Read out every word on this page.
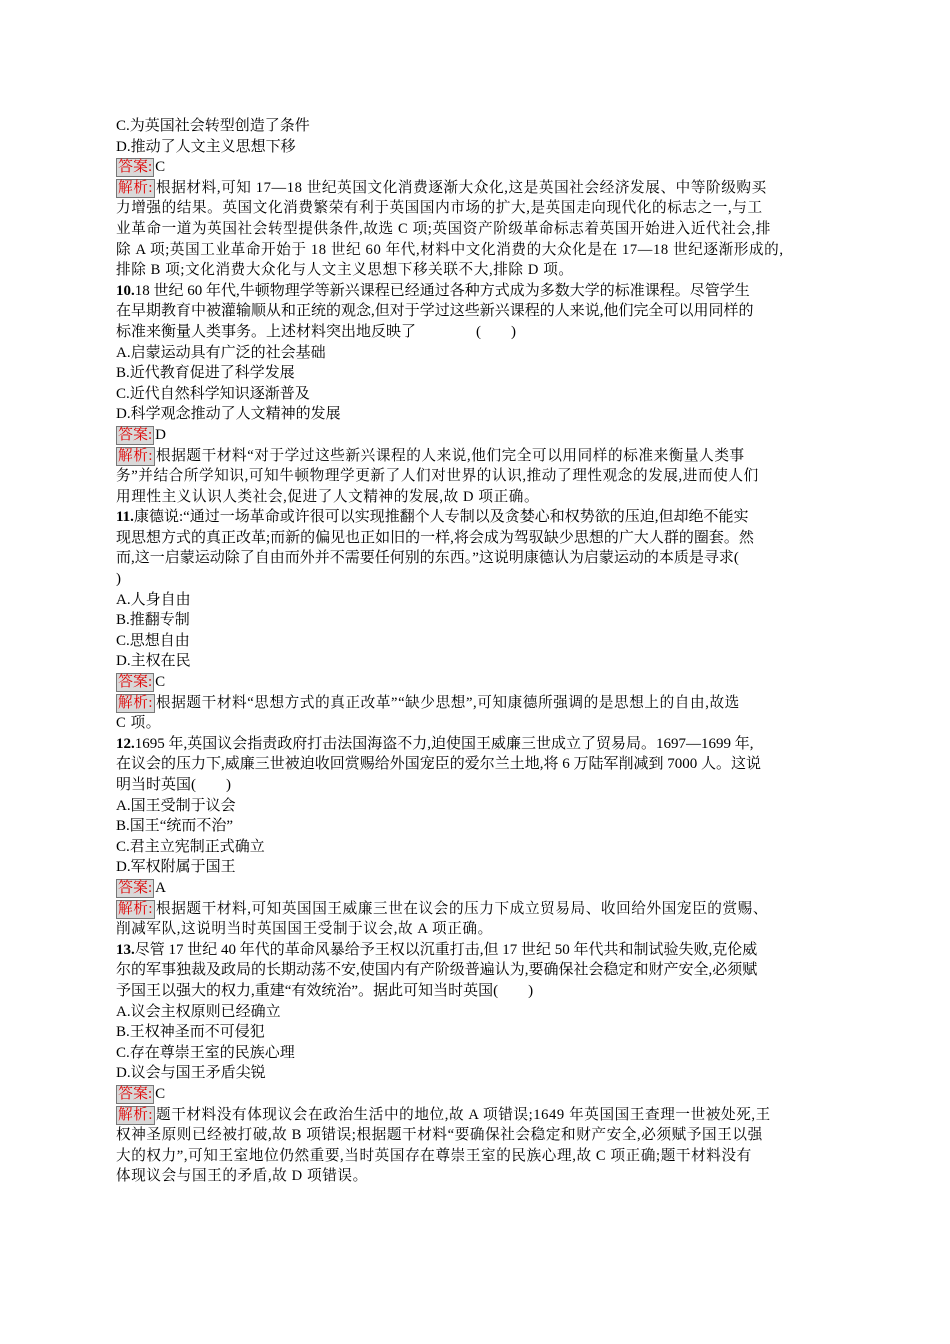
C.为英国社会转型创造了条件
D.推动了人文主义思想下移
答案: C
解析: 根据材料,可知 17—18 世纪英国文化消费逐渐大众化,这是英国社会经济发展、中等阶级购买
力增强的结果。英国文化消费繁荣有利于英国国内市场的扩大,是英国走向现代化的标志之一,与工
业革命一道为英国社会转型提供条件,故选 C 项;英国资产阶级革命标志着英国开始进入近代社会,排
除 A 项;英国工业革命开始于 18 世纪 60 年代,材料中文化消费的大众化是在 17—18 世纪逐渐形成的,
排除 B 项;文化消费大众化与人文主义思想下移关联不大,排除 D 项。
10.18 世纪 60 年代,牛顿物理学等新兴课程已经通过各种方式成为多数大学的标准课程。尽管学生
在早期教育中被灌输顺从和正统的观念,但对于学过这些新兴课程的人来说,他们完全可以用同样的
标准来衡量人类事务。上述材料突出地反映了　　　　(　　)
A.启蒙运动具有广泛的社会基础
B.近代教育促进了科学发展
C.近代自然科学知识逐渐普及
D.科学观念推动了人文精神的发展
答案: D
解析: 根据题干材料“对于学过这些新兴课程的人来说,他们完全可以用同样的标准来衡量人类事
务”并结合所学知识,可知牛顿物理学更新了人们对世界的认识,推动了理性观念的发展,进而使人们
用理性主义认识人类社会,促进了人文精神的发展,故 D 项正确。
11.康德说:“通过一场革命或许很可以实现推翻个人专制以及贪婪心和权势欲的压迫,但却绝不能实
现思想方式的真正改革;而新的偏见也正如旧的一样,将会成为驾驭缺少思想的广大人群的圈套。然
而,这一启蒙运动除了自由而外并不需要任何别的东西。”这说明康德认为启蒙运动的本质是寻求(
)
A.人身自由
B.推翻专制
C.思想自由
D.主权在民
答案: C
解析: 根据题干材料“思想方式的真正改革”“缺少思想”,可知康德所强调的是思想上的自由,故选
C 项。
12.1695 年,英国议会指责政府打击法国海盗不力,迫使国王威廉三世成立了贸易局。1697—1699 年,
在议会的压力下,威廉三世被迫收回赏赐给外国宠臣的爱尔兰土地,将 6 万陆军削减到 7000 人。这说
明当时英国(　　)
A.国王受制于议会
B.国王“统而不治”
C.君主立宪制正式确立
D.军权附属于国王
答案: A
解析: 根据题干材料,可知英国国王威廉三世在议会的压力下成立贸易局、收回给外国宠臣的赏赐、
削减军队,这说明当时英国国王受制于议会,故 A 项正确。
13.尽管 17 世纪 40 年代的革命风暴给予王权以沉重打击,但 17 世纪 50 年代共和制试验失败,克伦威
尔的军事独裁及政局的长期动荡不安,使国内有产阶级普遍认为,要确保社会稳定和财产安全,必须赋
予国王以强大的权力,重建“有效统治”。据此可知当时英国(　　)
A.议会主权原则已经确立
B.王权神圣而不可侵犯
C.存在尊崇王室的民族心理
D.议会与国王矛盾尖锐
答案: C
解析: 题干材料没有体现议会在政治生活中的地位,故 A 项错误;1649 年英国国王查理一世被处死,王
权神圣原则已经被打破,故 B 项错误;根据题干材料“要确保社会稳定和财产安全,必须赋予国王以强
大的权力”,可知王室地位仍然重要,当时英国存在尊崇王室的民族心理,故 C 项正确;题干材料没有
体现议会与国王的矛盾,故 D 项错误。
